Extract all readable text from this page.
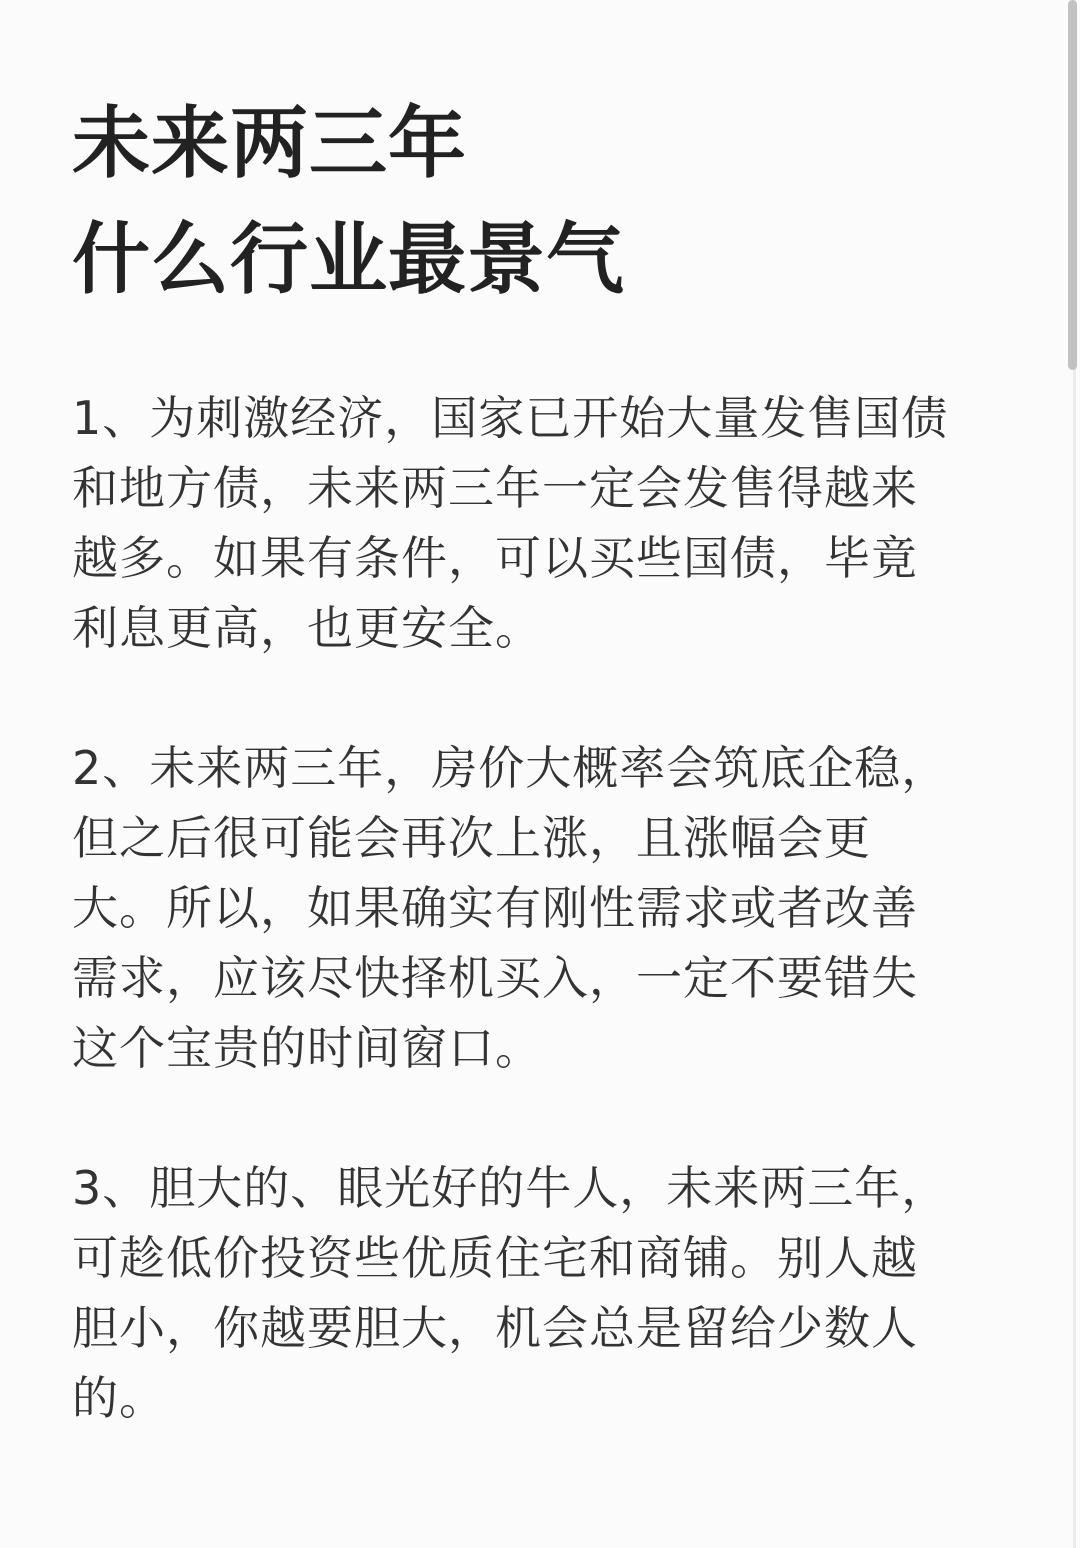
未来两三年
什么行业最景气
1、为刺激经济，国家已开始大量发售国债
和地方债，未来两三年一定会发售得越来
越多。如果有条件，可以买些国债，毕竟
利息更高，也更安全。
2、未来两三年，房价大概率会筑底企稳，
但之后很可能会再次上涨，且涨幅会更
大。所以，如果确实有刚性需求或者改善
需求，应该尽快择机买入，一定不要错失
这个宝贵的时间窗口。
3、胆大的、眼光好的牛人，未来两三年，
可趁低价投资些优质住宅和商铺。别人越
胆小，你越要胆大，机会总是留给少数人
的。
